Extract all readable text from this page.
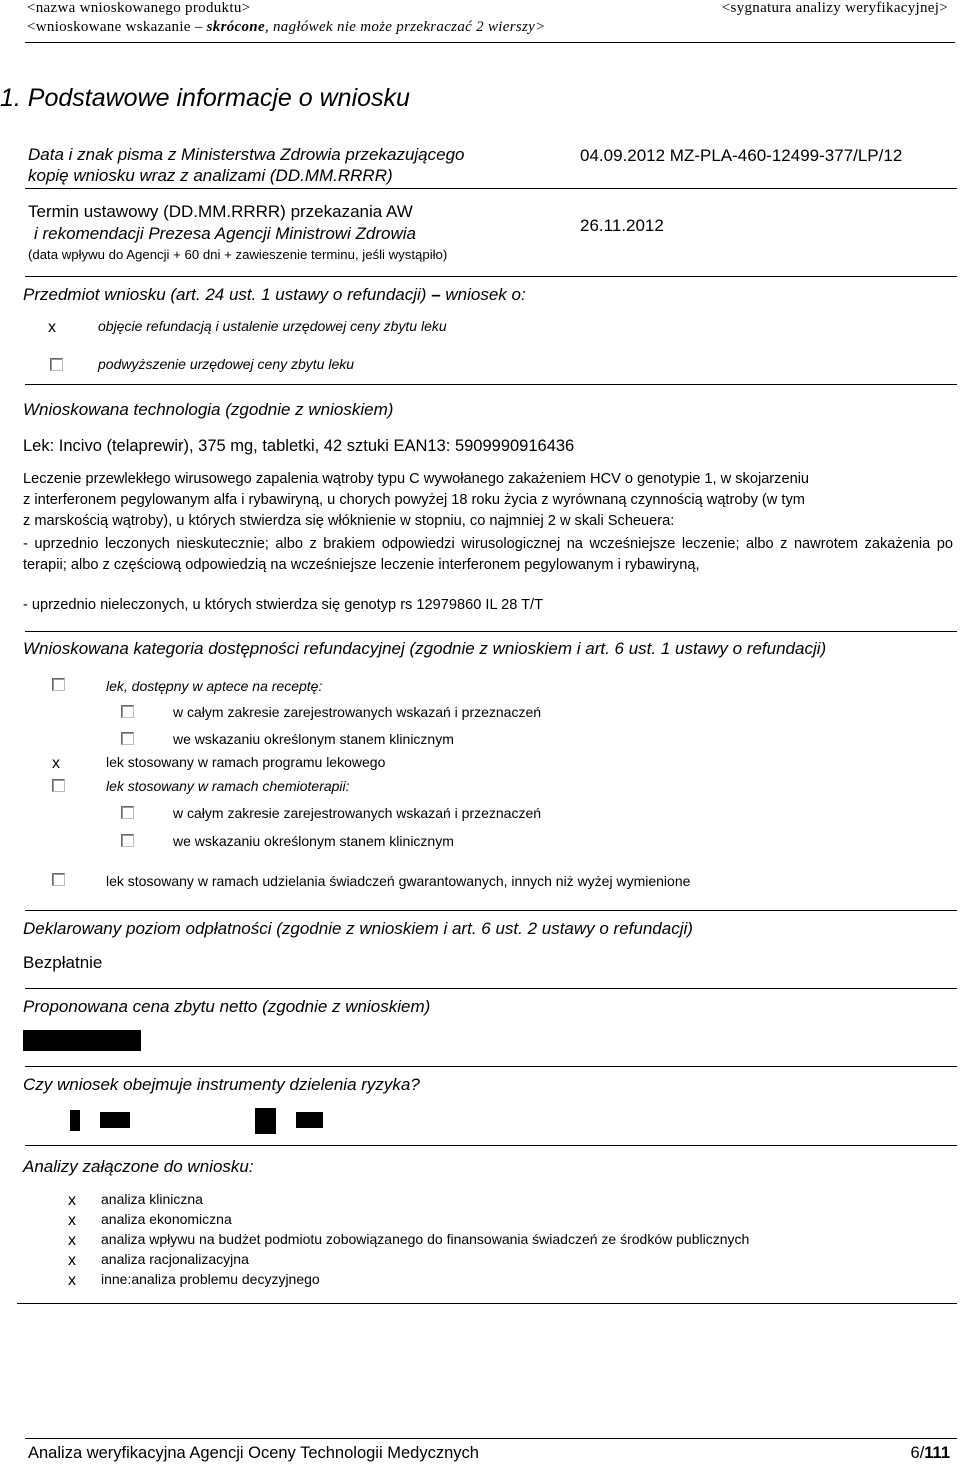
<nazwa wnioskowanego produktu>	<sygnatura analizy weryfikacyjnej>
<wnioskowane wskazanie – skrócone, nagłówek nie może przekraczać 2 wierszy>
1. Podstawowe informacje o wniosku
Data i znak pisma z Ministerstwa Zdrowia przekazującego
kopię wniosku wraz z analizami (DD.MM.RRRR)
04.09.2012 MZ-PLA-460-12499-377/LP/12
Termin ustawowy (DD.MM.RRRR) przekazania AW
i rekomendacji Prezesa Agencji Ministrowi Zdrowia
(data wpływu do Agencji + 60 dni + zawieszenie terminu, jeśli wystąpiło)
26.11.2012
Przedmiot wniosku (art. 24 ust. 1 ustawy o refundacji) – wniosek o:
x	objęcie refundacją i ustalenie urzędowej ceny zbytu leku
podwyższenie urzędowej ceny zbytu leku
Wnioskowana technologia (zgodnie z wnioskiem)
Lek: Incivo (telaprewir), 375 mg, tabletki, 42 sztuki EAN13: 5909990916436
Leczenie przewlekłego wirusowego zapalenia wątroby typu C wywołanego zakażeniem HCV o genotypie 1, w skojarzeniu
z interferonem pegylowanym alfa i rybawiryną, u chorych powyżej 18 roku życia z wyrównaną czynnością wątroby (w tym
z marskością wątroby), u których stwierdza się włóknienie w stopniu, co najmniej 2 w skali Scheuera:
- uprzednio leczonych nieskutecznie; albo z brakiem odpowiedzi wirusologicznej na wcześniejsze leczenie; albo z nawrotem zakażenia po terapii; albo z częściową odpowiedzią na wcześniejsze leczenie interferonem pegylowanym i rybawiryną,
- uprzednio nieleczonych, u których stwierdza się genotyp rs 12979860 IL 28 T/T
Wnioskowana kategoria dostępności refundacyjnej (zgodnie z wnioskiem i art. 6 ust. 1 ustawy o refundacji)
lek, dostępny w aptece na receptę:
w całym zakresie zarejestrowanych wskazań i przeznaczeń
we wskazaniu określonym stanem klinicznym
x	lek stosowany w ramach programu lekowego
lek stosowany w ramach chemioterapii:
w całym zakresie zarejestrowanych wskazań i przeznaczeń
we wskazaniu określonym stanem klinicznym
lek stosowany w ramach udzielania świadczeń gwarantowanych, innych niż wyżej wymienione
Deklarowany poziom odpłatności (zgodnie z wnioskiem i art. 6 ust. 2 ustawy o refundacji)
Bezpłatnie
Proponowana cena zbytu netto (zgodnie z wnioskiem)
Czy wniosek obejmuje instrumenty dzielenia ryzyka?
Analizy załączone do wniosku:
x analiza kliniczna
x analiza ekonomiczna
x analiza wpływu na budżet podmiotu zobowiązanego do finansowania świadczeń ze środków publicznych
x analiza racjonalizacyjna
x inne:analiza problemu decyzyjnego
Analiza weryfikacyjna Agencji Oceny Technologii Medycznych	6/111
